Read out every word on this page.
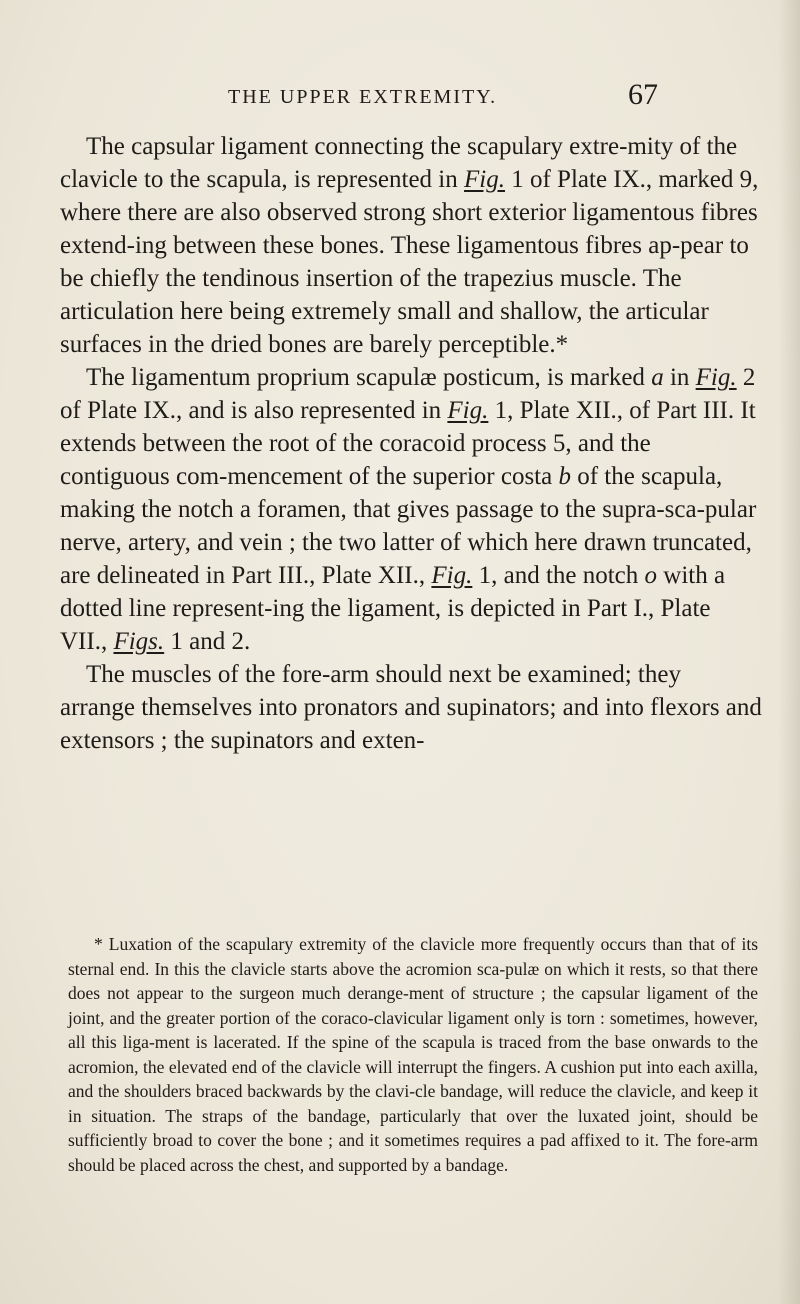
THE UPPER EXTREMITY.	67

The capsular ligament connecting the scapulary extre-mity of the clavicle to the scapula, is represented in Fig. 1 of Plate IX., marked 9, where there are also observed strong short exterior ligamentous fibres extend-ing between these bones. These ligamentous fibres ap-pear to be chiefly the tendinous insertion of the trapezius muscle. The articulation here being extremely small and shallow, the articular surfaces in the dried bones are barely perceptible.*

The ligamentum proprium scapulæ posticum, is marked a in Fig. 2 of Plate IX., and is also represented in Fig. 1, Plate XII., of Part III. It extends between the root of the coracoid process 5, and the contiguous com-mencement of the superior costa b of the scapula, making the notch a foramen, that gives passage to the supra-sca-pular nerve, artery, and vein ; the two latter of which here drawn truncated, are delineated in Part III., Plate XII., Fig. 1, and the notch o with a dotted line represent-ing the ligament, is depicted in Part I., Plate VII., Figs. 1 and 2.

The muscles of the fore-arm should next be examined; they arrange themselves into pronators and supinators; and into flexors and extensors ; the supinators and exten-

* Luxation of the scapulary extremity of the clavicle more frequently occurs than that of its sternal end. In this the clavicle starts above the acromion sca-pulæ on which it rests, so that there does not appear to the surgeon much derange-ment of structure ; the capsular ligament of the joint, and the greater portion of the coraco-clavicular ligament only is torn : sometimes, however, all this liga-ment is lacerated. If the spine of the scapula is traced from the base onwards to the acromion, the elevated end of the clavicle will interrupt the fingers. A cushion put into each axilla, and the shoulders braced backwards by the clavi-cle bandage, will reduce the clavicle, and keep it in situation. The straps of the bandage, particularly that over the luxated joint, should be sufficiently broad to cover the bone ; and it sometimes requires a pad affixed to it. The fore-arm should be placed across the chest, and supported by a bandage.
